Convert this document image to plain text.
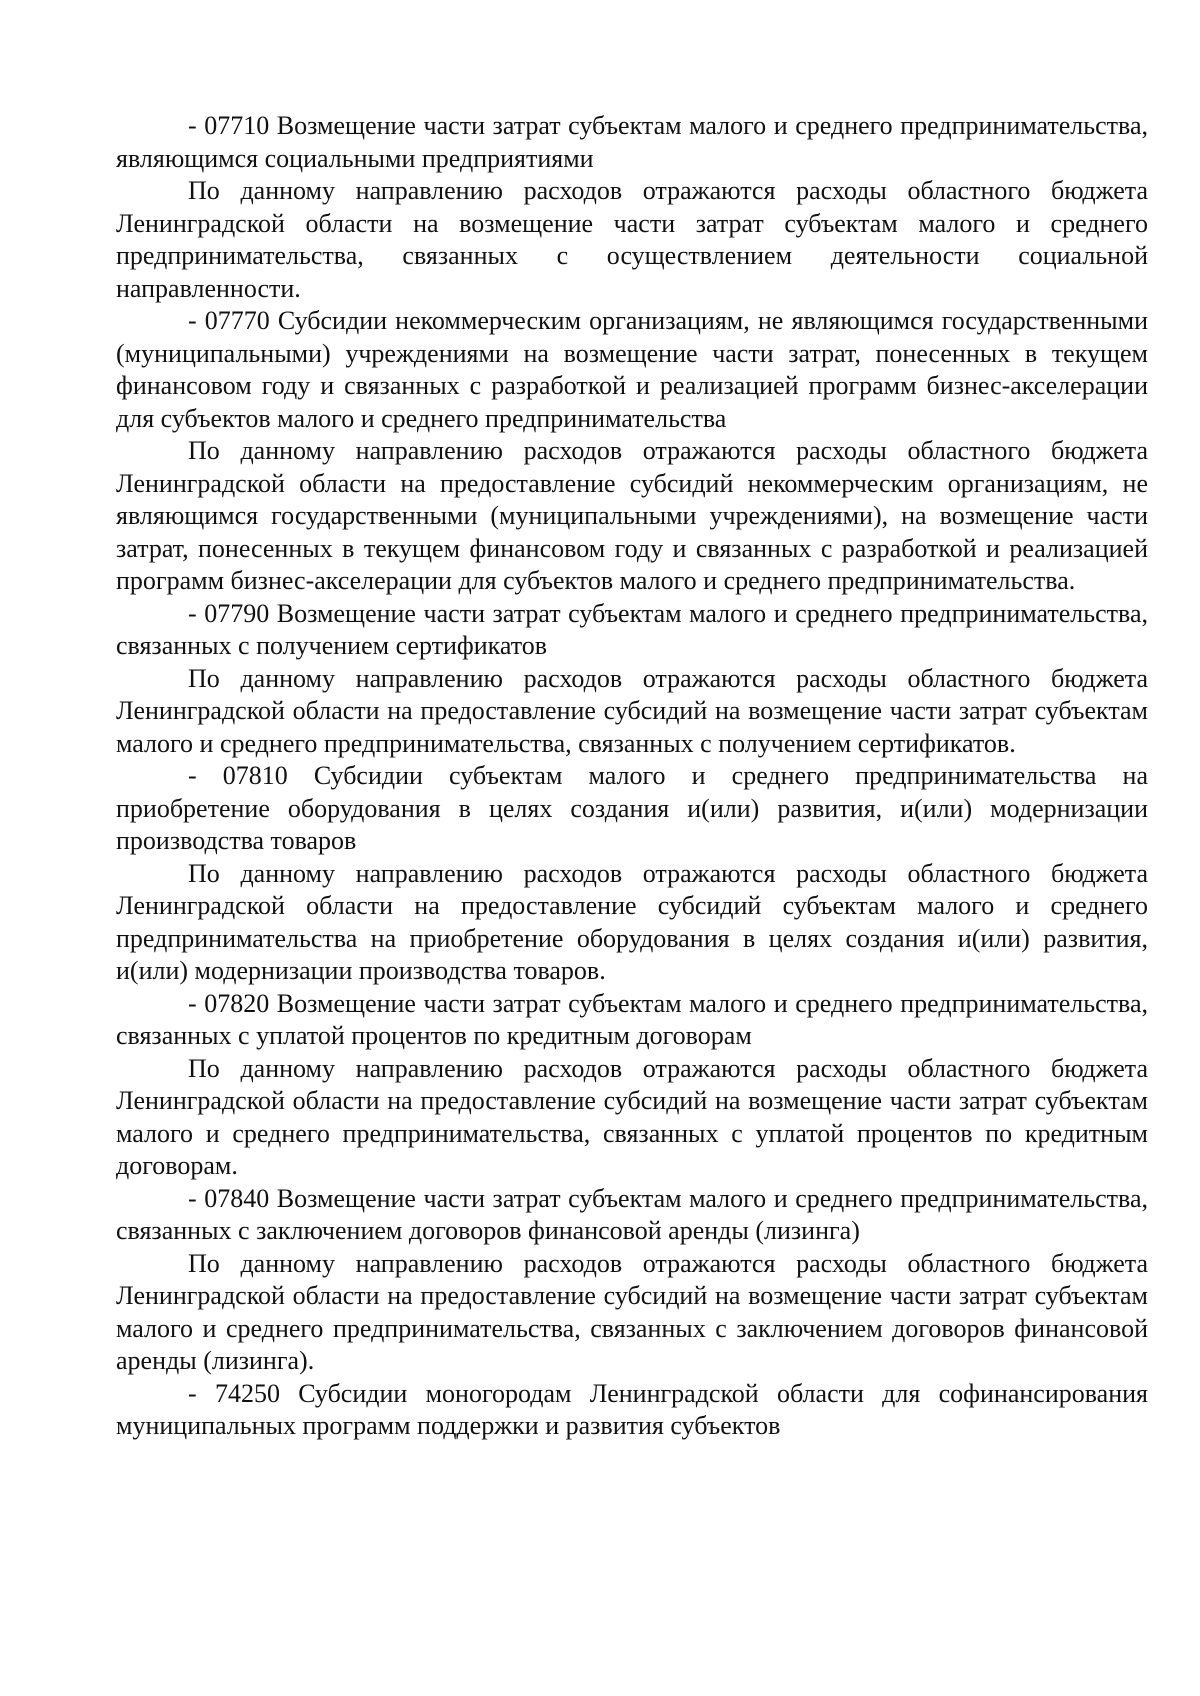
- 07710 Возмещение части затрат субъектам малого и среднего предпринимательства, являющимся социальными предприятиями

По данному направлению расходов отражаются расходы областного бюджета Ленинградской области на возмещение части затрат субъектам малого и среднего предпринимательства, связанных с осуществлением деятельности социальной направленности.

- 07770 Субсидии некоммерческим организациям, не являющимся государственными (муниципальными) учреждениями на возмещение части затрат, понесенных в текущем финансовом году и связанных с разработкой и реализацией программ бизнес-акселерации для субъектов малого и среднего предпринимательства

По данному направлению расходов отражаются расходы областного бюджета Ленинградской области на предоставление субсидий некоммерческим организациям, не являющимся государственными (муниципальными учреждениями), на возмещение части затрат, понесенных в текущем финансовом году и связанных с разработкой и реализацией программ бизнес-акселерации для субъектов малого и среднего предпринимательства.

- 07790 Возмещение части затрат субъектам малого и среднего предпринимательства, связанных с получением сертификатов

По данному направлению расходов отражаются расходы областного бюджета Ленинградской области на предоставление субсидий на возмещение части затрат субъектам малого и среднего предпринимательства, связанных с получением сертификатов.

- 07810 Субсидии субъектам малого и среднего предпринимательства на приобретение оборудования в целях создания и(или) развития, и(или) модернизации производства товаров

По данному направлению расходов отражаются расходы областного бюджета Ленинградской области на предоставление субсидий субъектам малого и среднего предпринимательства на приобретение оборудования в целях создания и(или) развития, и(или) модернизации производства товаров.

- 07820 Возмещение части затрат субъектам малого и среднего предпринимательства, связанных с уплатой процентов по кредитным договорам

По данному направлению расходов отражаются расходы областного бюджета Ленинградской области на предоставление субсидий на возмещение части затрат субъектам малого и среднего предпринимательства, связанных с уплатой процентов по кредитным договорам.

- 07840 Возмещение части затрат субъектам малого и среднего предпринимательства, связанных с заключением договоров финансовой аренды (лизинга)

По данному направлению расходов отражаются расходы областного бюджета Ленинградской области на предоставление субсидий на возмещение части затрат субъектам малого и среднего предпринимательства, связанных с заключением договоров финансовой аренды (лизинга).

- 74250 Субсидии моногородам Ленинградской области для софинансирования муниципальных программ поддержки и развития субъектов
